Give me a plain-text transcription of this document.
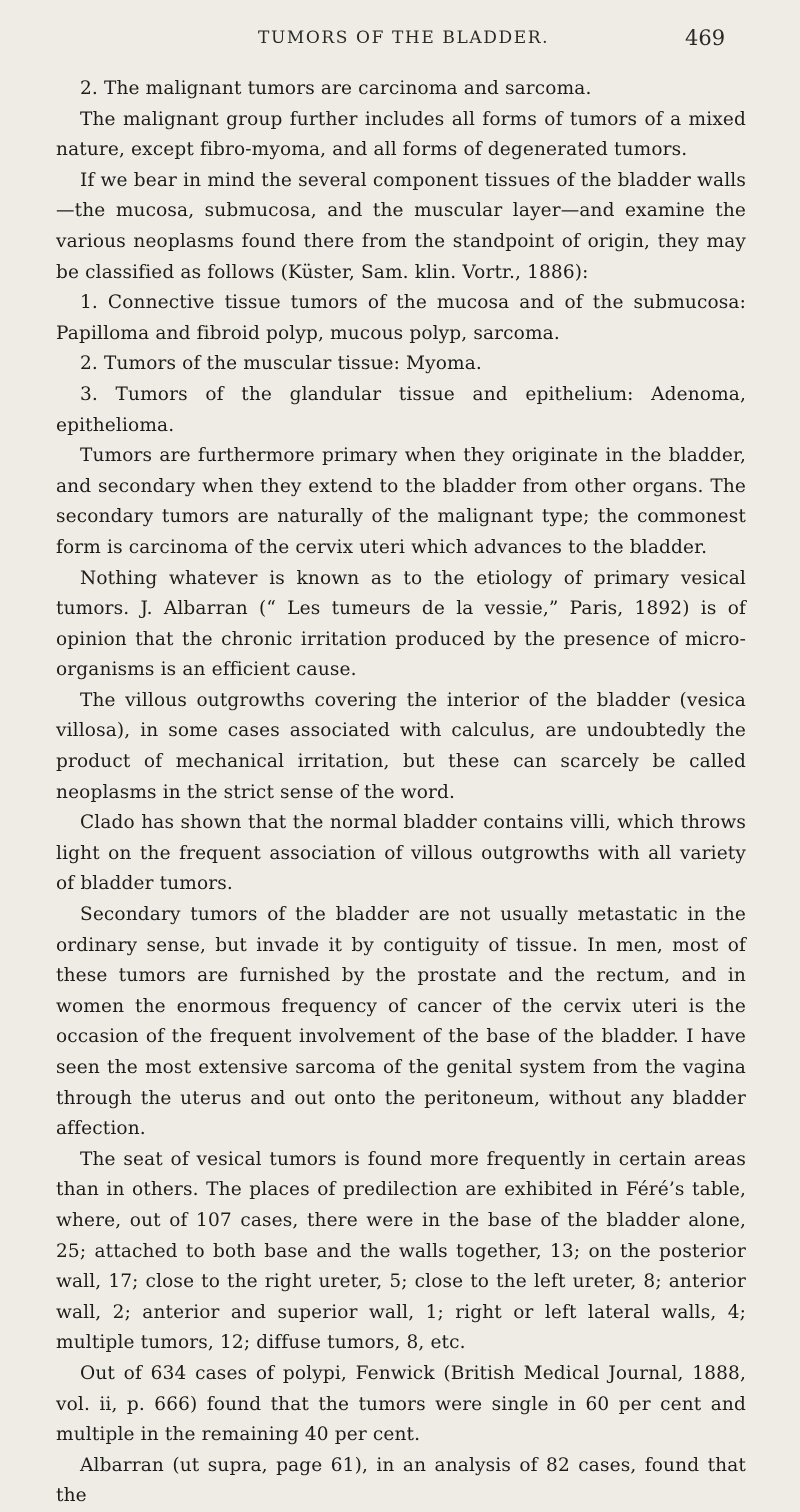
TUMORS OF THE BLADDER.	469

2. The malignant tumors are carcinoma and sarcoma.

The malignant group further includes all forms of tumors of a mixed nature, except fibro-myoma, and all forms of degenerated tumors.

If we bear in mind the several component tissues of the bladder walls—the mucosa, submucosa, and the muscular layer—and examine the various neoplasms found there from the standpoint of origin, they may be classified as follows (Küster, Sam. klin. Vortr., 1886):

1. Connective tissue tumors of the mucosa and of the submucosa: Papilloma and fibroid polyp, mucous polyp, sarcoma.

2. Tumors of the muscular tissue: Myoma.

3. Tumors of the glandular tissue and epithelium: Adenoma, epithelioma.

Tumors are furthermore primary when they originate in the bladder, and secondary when they extend to the bladder from other organs. The secondary tumors are naturally of the malignant type; the commonest form is carcinoma of the cervix uteri which advances to the bladder.

Nothing whatever is known as to the etiology of primary vesical tumors. J. Albarran (“ Les tumeurs de la vessie,” Paris, 1892) is of opinion that the chronic irritation produced by the presence of micro-organisms is an efficient cause.

The villous outgrowths covering the interior of the bladder (vesica villosa), in some cases associated with calculus, are undoubtedly the product of mechanical irritation, but these can scarcely be called neoplasms in the strict sense of the word.

Clado has shown that the normal bladder contains villi, which throws light on the frequent association of villous outgrowths with all variety of bladder tumors.

Secondary tumors of the bladder are not usually metastatic in the ordinary sense, but invade it by contiguity of tissue. In men, most of these tumors are furnished by the prostate and the rectum, and in women the enormous frequency of cancer of the cervix uteri is the occasion of the frequent involvement of the base of the bladder. I have seen the most extensive sarcoma of the genital system from the vagina through the uterus and out onto the peritoneum, without any bladder affection.

The seat of vesical tumors is found more frequently in certain areas than in others. The places of predilection are exhibited in Féré’s table, where, out of 107 cases, there were in the base of the bladder alone, 25; attached to both base and the walls together, 13; on the posterior wall, 17; close to the right ureter, 5; close to the left ureter, 8; anterior wall, 2; anterior and superior wall, 1; right or left lateral walls, 4; multiple tumors, 12; diffuse tumors, 8, etc.

Out of 634 cases of polypi, Fenwick (British Medical Journal, 1888, vol. ii, p. 666) found that the tumors were single in 60 per cent and multiple in the remaining 40 per cent.

Albarran (ut supra, page 61), in an analysis of 82 cases, found that the
